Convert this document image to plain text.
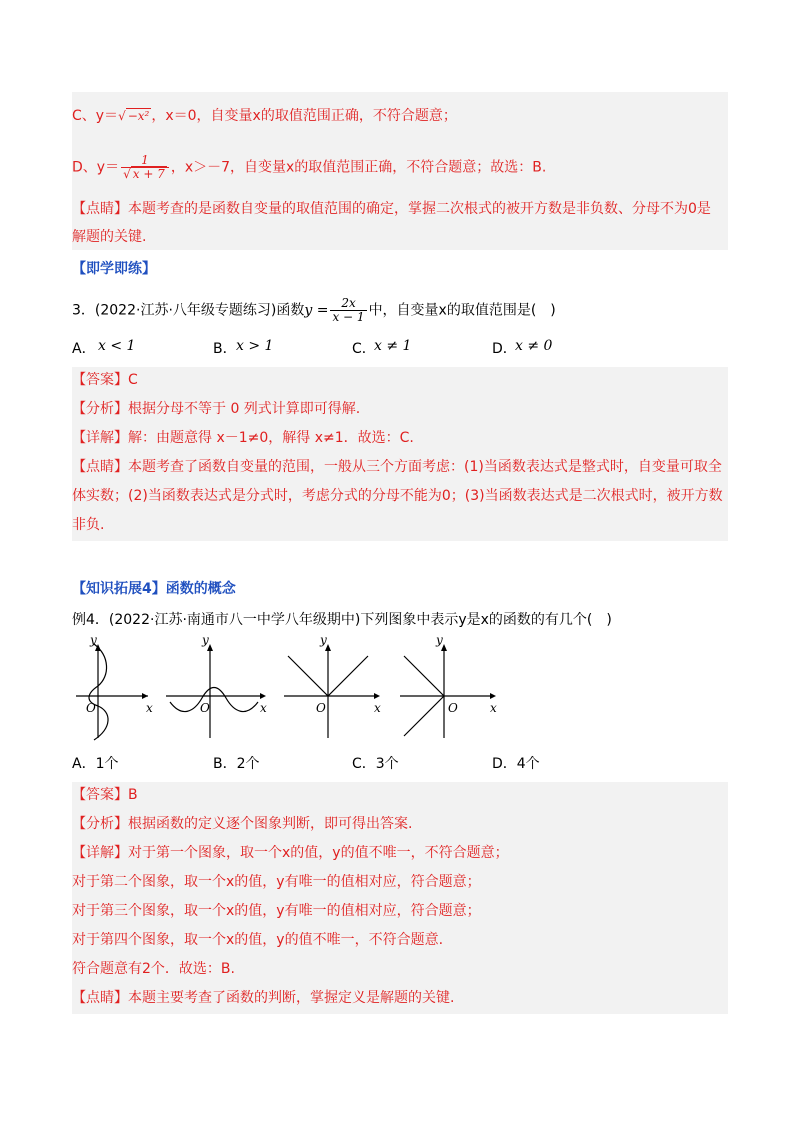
C、y＝√ −x² ，x＝0，自变量x的取值范围正确，不符合题意；
D、$y= \frac{1}{√ x + 7}$ ，x＞－7，自变量x的取值范围正确，不符合题意；故选：B.
【点睛】本题考查的是函数自变量的取值范围的确定，掌握二次根式的被开方数是非负数、分母不为0是
解题的关键.
【即学即练】
3．(2022·江苏·八年级专题练习)函数$y = \frac{2x}{x - 1}$ 中，自变量x的取值范围是(　)
A． x < 1	B． x > 1	C．
x ≠ 1	D．
x ≠ 0
【答案】C
【分析】根据分母不等于 0 列式计算即可得解.
【详解】解：由题意得 x－1≠0，解得 x≠1．故选：C.
【点睛】本题考查了函数自变量的范围，一般从三个方面考虑：(1)当函数表达式是整式时，自变量可取全
体实数；(2)当函数表达式是分式时，考虑分式的分母不能为0；(3)当函数表达式是二次根式时，被开方数
非负.
【知识拓展4】函数的概念
例4．(2022·江苏·南通市八一中学八年级期中)下列图象中表示y是x的函数的有几个(　)
y
x
O
y
x
O
y
x
O
y
x
O
A．1个	B．2个	C．3个	D．4个
【答案】B
【分析】根据函数的定义逐个图象判断，即可得出答案.
【详解】对于第一个图象，取一个x的值，y的值不唯一，不符合题意；
对于第二个图象，取一个x的值，y有唯一的值相对应，符合题意；
对于第三个图象，取一个x的值，y有唯一的值相对应，符合题意；
对于第四个图象，取一个x的值，y的值不唯一，不符合题意.
符合题意有2个．故选：B.
【点睛】本题主要考查了函数的判断，掌握定义是解题的关键.
